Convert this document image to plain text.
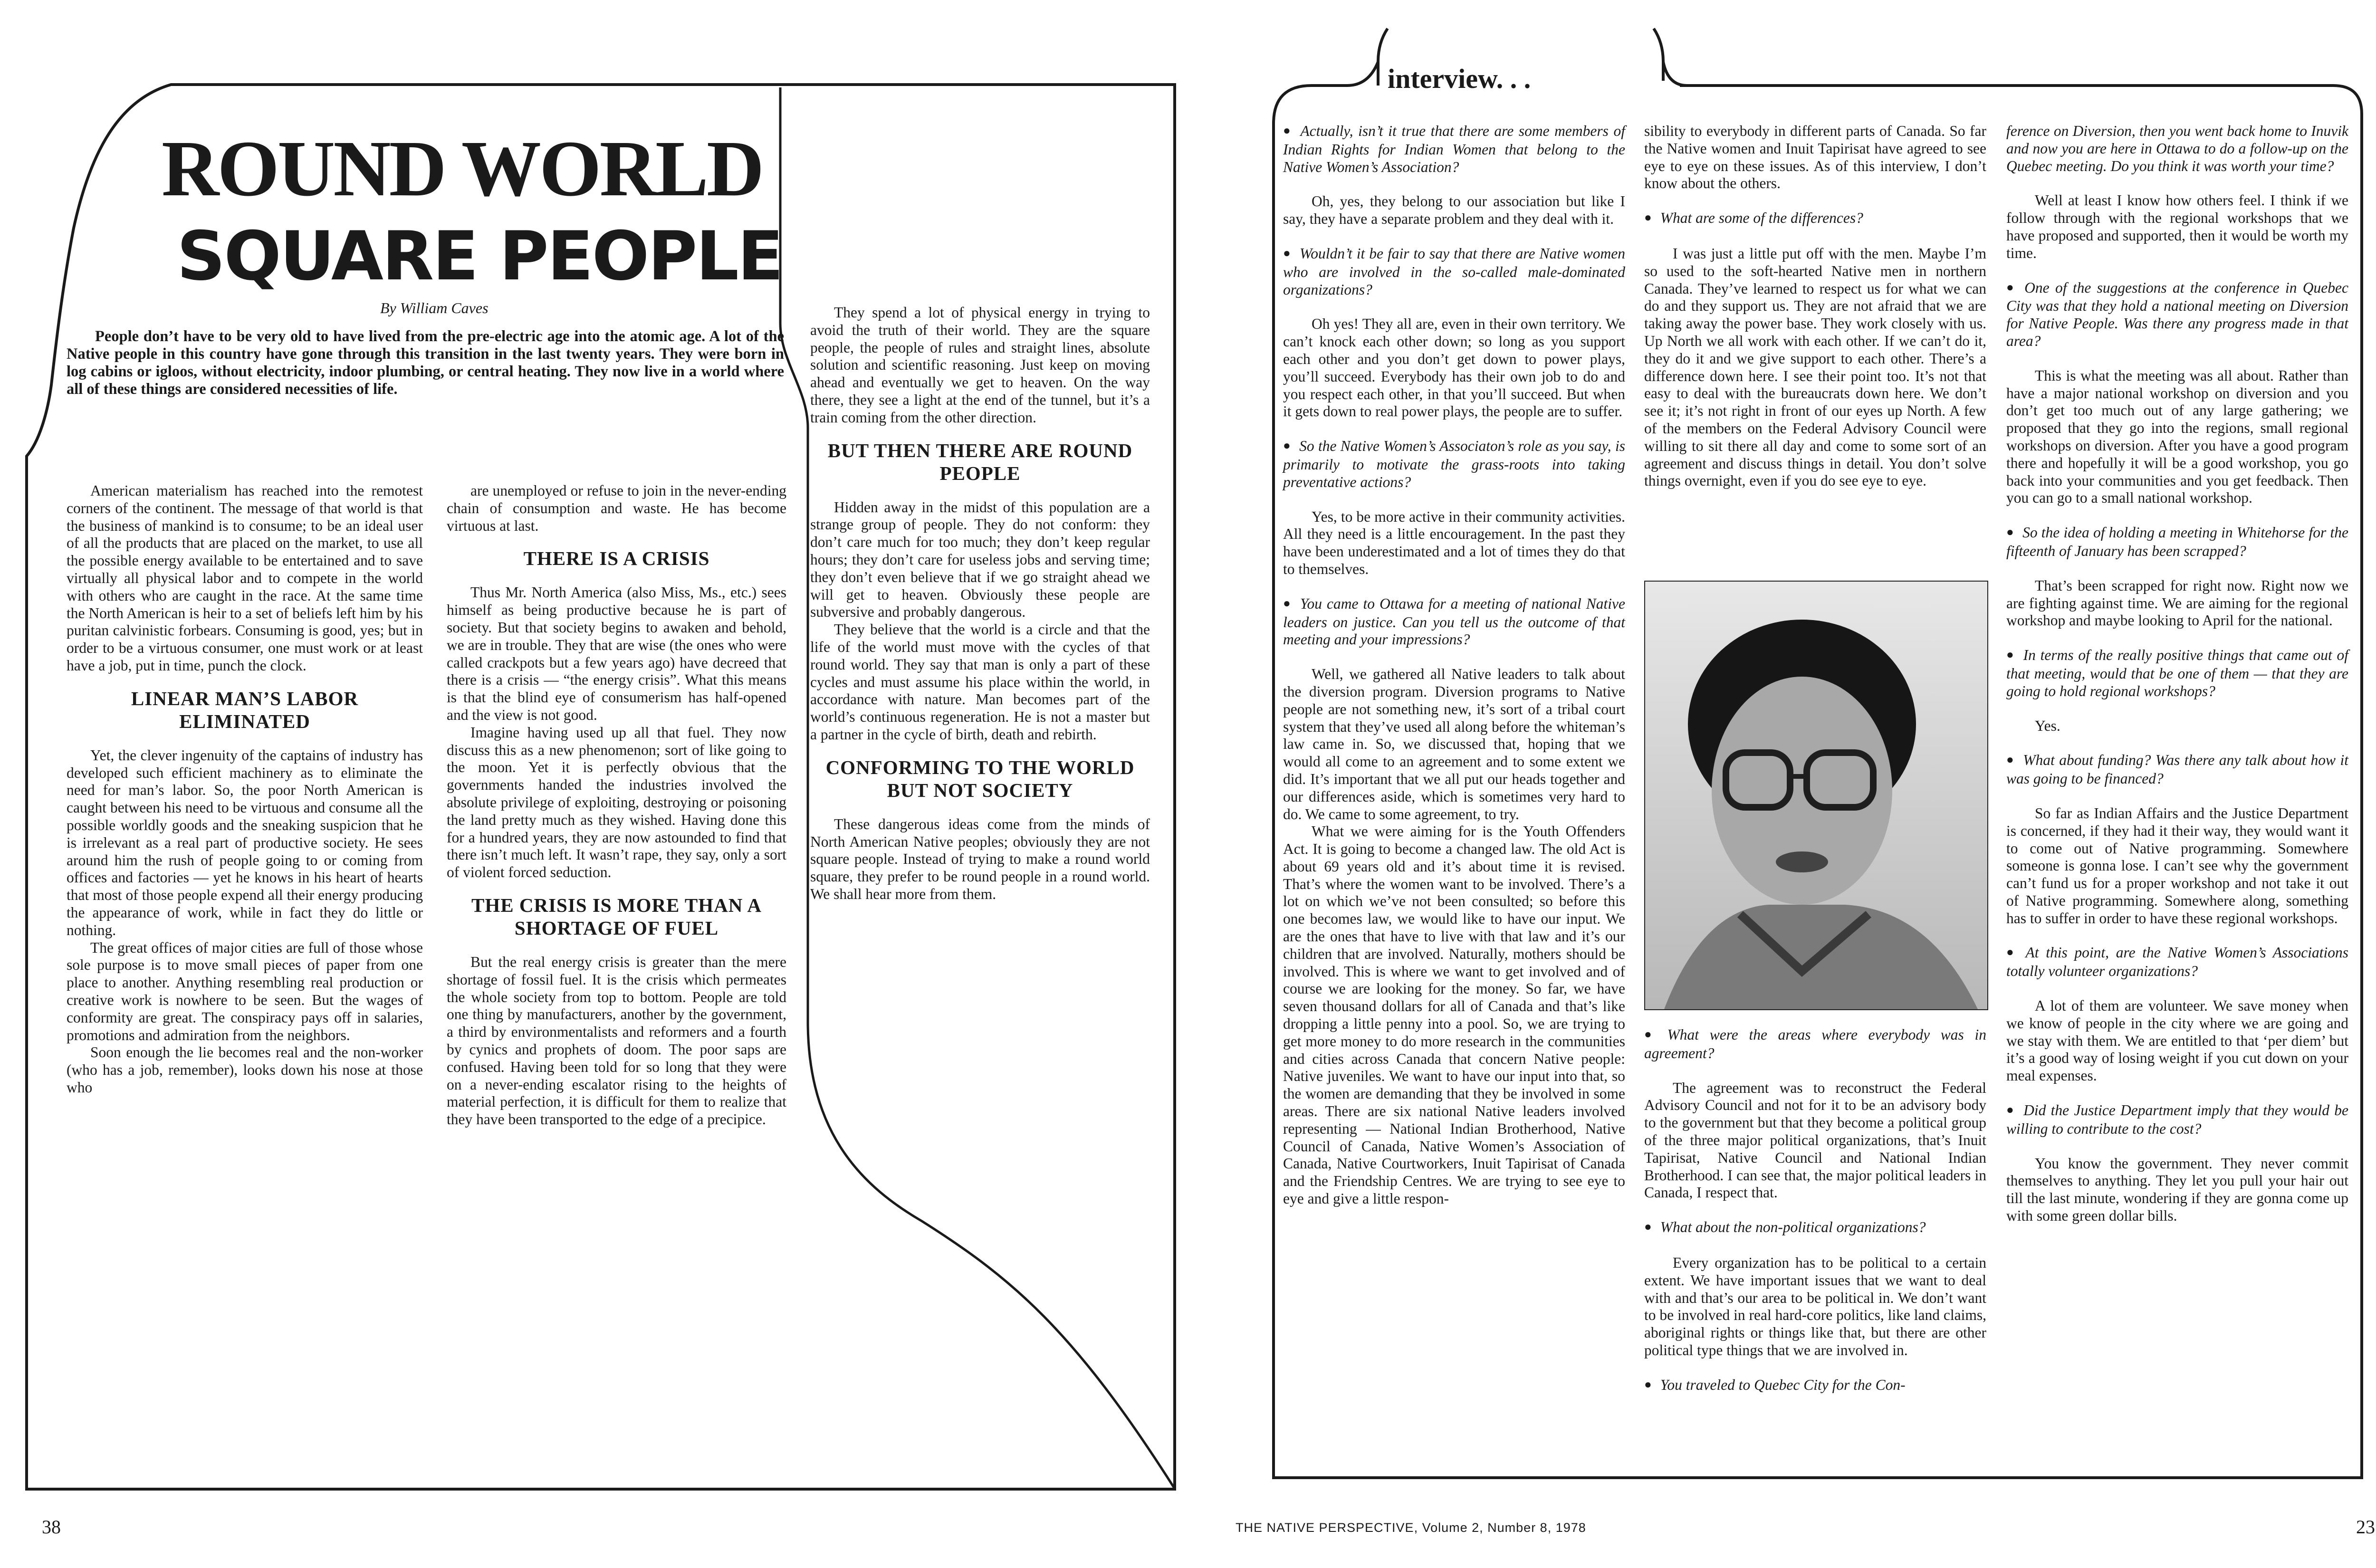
ROUND WORLD
SQUARE PEOPLE
By William Caves

People don’t have to be very old to have lived from the pre-electric age into the atomic age. A lot of the Native people in this country have gone through this transition in the last twenty years. They were born in log cabins or igloos, without electricity, indoor plumbing, or central heating. They now live in a world where all of these things are considered necessities of life.

American materialism has reached into the remotest corners of the continent. The message of that world is that the business of mankind is to consume; to be an ideal user of all the products that are placed on the market, to use all the possible energy available to be entertained and to save virtually all physical labor and to compete in the world with others who are caught in the race. At the same time the North American is heir to a set of beliefs left him by his puritan calvinistic forbears. Consuming is good, yes; but in order to be a virtuous consumer, one must work or at least have a job, put in time, punch the clock.

LINEAR MAN’S LABOR ELIMINATED

Yet, the clever ingenuity of the captains of industry has developed such efficient machinery as to eliminate the need for man’s labor. So, the poor North American is caught between his need to be virtuous and consume all the possible worldly goods and the sneaking suspicion that he is irrelevant as a real part of productive society. He sees around him the rush of people going to or coming from offices and factories — yet he knows in his heart of hearts that most of those people expend all their energy producing the appearance of work, while in fact they do little or nothing.

The great offices of major cities are full of those whose sole purpose is to move small pieces of paper from one place to another. Anything resembling real production or creative work is nowhere to be seen. But the wages of conformity are great. The conspiracy pays off in salaries, promotions and admiration from the neighbors.

Soon enough the lie becomes real and the non-worker (who has a job, remember), looks down his nose at those who

are unemployed or refuse to join in the never-ending chain of consumption and waste. He has become virtuous at last.

THERE IS A CRISIS

Thus Mr. North America (also Miss, Ms., etc.) sees himself as being productive because he is part of society. But that society begins to awaken and behold, we are in trouble. They that are wise (the ones who were called crackpots but a few years ago) have decreed that there is a crisis — “the energy crisis”. What this means is that the blind eye of consumerism has half-opened and the view is not good.

Imagine having used up all that fuel. They now discuss this as a new phenomenon; sort of like going to the moon. Yet it is perfectly obvious that the governments handed the industries involved the absolute privilege of exploiting, destroying or poisoning the land pretty much as they wished. Having done this for a hundred years, they are now astounded to find that there isn’t much left. It wasn’t rape, they say, only a sort of violent forced seduction.

THE CRISIS IS MORE THAN A SHORTAGE OF FUEL

But the real energy crisis is greater than the mere shortage of fossil fuel. It is the crisis which permeates the whole society from top to bottom. People are told one thing by manufacturers, another by the government, a third by environmentalists and reformers and a fourth by cynics and prophets of doom. The poor saps are confused. Having been told for so long that they were on a never-ending escalator rising to the heights of material perfection, it is difficult for them to realize that they have been transported to the edge of a precipice.

They spend a lot of physical energy in trying to avoid the truth of their world. They are the square people, the people of rules and straight lines, absolute solution and scientific reasoning. Just keep on moving ahead and eventually we get to heaven. On the way there, they see a light at the end of the tunnel, but it’s a train coming from the other direction.

BUT THEN THERE ARE ROUND PEOPLE

Hidden away in the midst of this population are a strange group of people. They do not conform: they don’t care much for too much; they don’t keep regular hours; they don’t care for useless jobs and serving time; they don’t even believe that if we go straight ahead we will get to heaven. Obviously these people are subversive and probably dangerous.

They believe that the world is a circle and that the life of the world must move with the cycles of that round world. They say that man is only a part of these cycles and must assume his place within the world, in accordance with nature. Man becomes part of the world’s continuous regeneration. He is not a master but a partner in the cycle of birth, death and rebirth.

CONFORMING TO THE WORLD BUT NOT SOCIETY

These dangerous ideas come from the minds of North American Native peoples; obviously they are not square people. Instead of trying to make a round world square, they prefer to be round people in a round world. We shall hear more from them.

38
interview. . .

● Actually, isn’t it true that there are some members of Indian Rights for Indian Women that belong to the Native Women’s Association?

Oh, yes, they belong to our association but like I say, they have a separate problem and they deal with it.

● Wouldn’t it be fair to say that there are Native women who are involved in the so-called male-dominated organizations?

Oh yes! They all are, even in their own territory. We can’t knock each other down; so long as you support each other and you don’t get down to power plays, you’ll succeed. Everybody has their own job to do and you respect each other, in that you’ll succeed. But when it gets down to real power plays, the people are to suffer.

● So the Native Women’s Associaton’s role as you say, is primarily to motivate the grass-roots into taking preventative actions?

Yes, to be more active in their community activities. All they need is a little encouragement. In the past they have been underestimated and a lot of times they do that to themselves.

● You came to Ottawa for a meeting of national Native leaders on justice. Can you tell us the outcome of that meeting and your impressions?

Well, we gathered all Native leaders to talk about the diversion program. Diversion programs to Native people are not something new, it’s sort of a tribal court system that they’ve used all along before the whiteman’s law came in. So, we discussed that, hoping that we would all come to an agreement and to some extent we did. It’s important that we all put our heads together and our differences aside, which is sometimes very hard to do. We came to some agreement, to try.

What we were aiming for is the Youth Offenders Act. It is going to become a changed law. The old Act is about 69 years old and it’s about time it is revised. That’s where the women want to be involved. There’s a lot on which we’ve not been consulted; so before this one becomes law, we would like to have our input. We are the ones that have to live with that law and it’s our children that are involved. Naturally, mothers should be involved. This is where we want to get involved and of course we are looking for the money. So far, we have seven thousand dollars for all of Canada and that’s like dropping a little penny into a pool. So, we are trying to get more money to do more research in the communities and cities across Canada that concern Native people: Native juveniles. We want to have our input into that, so the women are demanding that they be involved in some areas. There are six national Native leaders involved representing — National Indian Brotherhood, Native Council of Canada, Native Women’s Association of Canada, Native Courtworkers, Inuit Tapirisat of Canada and the Friendship Centres. We are trying to see eye to eye and give a little respon-

sibility to everybody in different parts of Canada. So far the Native women and Inuit Tapirisat have agreed to see eye to eye on these issues. As of this interview, I don’t know about the others.

● What are some of the differences?

I was just a little put off with the men. Maybe I’m so used to the soft-hearted Native men in northern Canada. They’ve learned to respect us for what we can do and they support us. They are not afraid that we are taking away the power base. They work closely with us. Up North we all work with each other. If we can’t do it, they do it and we give support to each other. There’s a difference down here. I see their point too. It’s not that easy to deal with the bureaucrats down here. We don’t see it; it’s not right in front of our eyes up North. A few of the members on the Federal Advisory Council were willing to sit there all day and come to some sort of an agreement and discuss things in detail. You don’t solve things overnight, even if you do see eye to eye.

● What were the areas where everybody was in agreement?

The agreement was to reconstruct the Federal Advisory Council and not for it to be an advisory body to the government but that they become a political group of the three major political organizations, that’s Inuit Tapirisat, Native Council and National Indian Brotherhood. I can see that, the major political leaders in Canada, I respect that.

● What about the non-political organizations?

Every organization has to be political to a certain extent. We have important issues that we want to deal with and that’s our area to be political in. We don’t want to be involved in real hard-core politics, like land claims, aboriginal rights or things like that, but there are other political type things that we are involved in.

● You traveled to Quebec City for the Con-

ference on Diversion, then you went back home to Inuvik and now you are here in Ottawa to do a follow-up on the Quebec meeting. Do you think it was worth your time?

Well at least I know how others feel. I think if we follow through with the regional workshops that we have proposed and supported, then it would be worth my time.

● One of the suggestions at the conference in Quebec City was that they hold a national meeting on Diversion for Native People. Was there any progress made in that area?

This is what the meeting was all about. Rather than have a major national workshop on diversion and you don’t get too much out of any large gathering; we proposed that they go into the regions, small regional workshops on diversion. After you have a good program there and hopefully it will be a good workshop, you go back into your communities and you get feedback. Then you can go to a small national workshop.

● So the idea of holding a meeting in Whitehorse for the fifteenth of January has been scrapped?

That’s been scrapped for right now. Right now we are fighting against time. We are aiming for the regional workshop and maybe looking to April for the national.

● In terms of the really positive things that came out of that meeting, would that be one of them — that they are going to hold regional workshops?

Yes.

● What about funding? Was there any talk about how it was going to be financed?

So far as Indian Affairs and the Justice Department is concerned, if they had it their way, they would want it to come out of Native programming. Somewhere someone is gonna lose. I can’t see why the government can’t fund us for a proper workshop and not take it out of Native programming. Somewhere along, something has to suffer in order to have these regional workshops.

● At this point, are the Native Women’s Associations totally volunteer organizations?

A lot of them are volunteer. We save money when we know of people in the city where we are going and we stay with them. We are entitled to that ‘per diem’ but it’s a good way of losing weight if you cut down on your meal expenses.

● Did the Justice Department imply that they would be willing to contribute to the cost?

You know the government. They never commit themselves to anything. They let you pull your hair out till the last minute, wondering if they are gonna come up with some green dollar bills.

THE NATIVE PERSPECTIVE, Volume 2, Number 8, 1978	23
